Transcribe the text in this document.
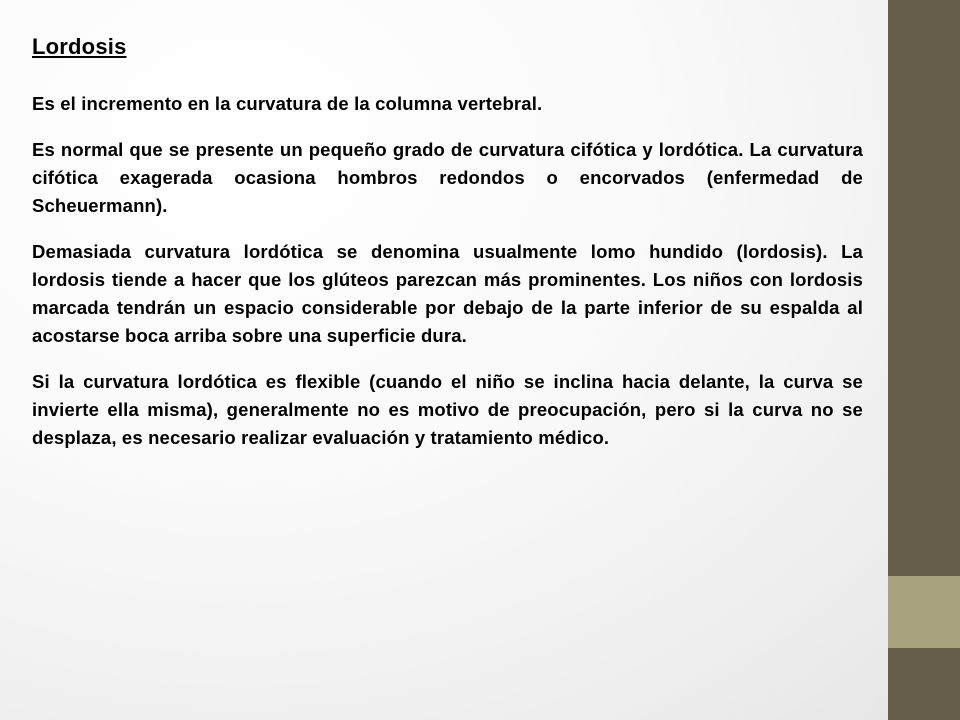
Lordosis

Es el incremento en la curvatura de la columna vertebral.

Es normal que se presente un pequeño grado de curvatura cifótica y lordótica. La curvatura cifótica exagerada ocasiona hombros redondos o encorvados (enfermedad de Scheuermann).

Demasiada curvatura lordótica se denomina usualmente lomo hundido (lordosis). La lordosis tiende a hacer que los glúteos parezcan más prominentes. Los niños con lordosis marcada tendrán un espacio considerable por debajo de la parte inferior de su espalda al acostarse boca arriba sobre una superficie dura.

Si la curvatura lordótica es flexible (cuando el niño se inclina hacia delante, la curva se invierte ella misma), generalmente no es motivo de preocupación, pero si la curva no se desplaza, es necesario realizar evaluación y tratamiento médico.
